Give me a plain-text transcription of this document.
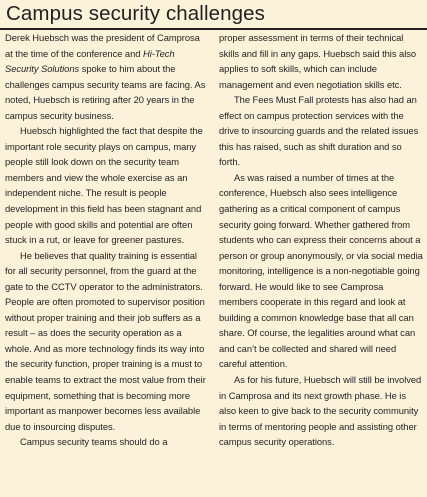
Campus security challenges

Derek Huebsch was the president of Camprosa at the time of the conference and Hi-Tech Security Solutions spoke to him about the challenges campus security teams are facing. As noted, Huebsch is retiring after 20 years in the campus security business.

Huebsch highlighted the fact that despite the important role security plays on campus, many people still look down on the security team members and view the whole exercise as an independent niche. The result is people development in this field has been stagnant and people with good skills and potential are often stuck in a rut, or leave for greener pastures.

He believes that quality training is essential for all security personnel, from the guard at the gate to the CCTV operator to the administrators. People are often promoted to supervisor position without proper training and their job suffers as a result – as does the security operation as a whole. And as more technology finds its way into the security function, proper training is a must to enable teams to extract the most value from their equipment, something that is becoming more important as manpower becomes less available due to insourcing disputes.

Campus security teams should do a

proper assessment in terms of their technical skills and fill in any gaps. Huebsch said this also applies to soft skills, which can include management and even negotiation skills etc.

The Fees Must Fall protests has also had an effect on campus protection services with the drive to insourcing guards and the related issues this has raised, such as shift duration and so forth.

As was raised a number of times at the conference, Huebsch also sees intelligence gathering as a critical component of campus security going forward. Whether gathered from students who can express their concerns about a person or group anonymously, or via social media monitoring, intelligence is a non-negotiable going forward. He would like to see Camprosa members cooperate in this regard and look at building a common knowledge base that all can share. Of course, the legalities around what can and can’t be collected and shared will need careful attention.

As for his future, Huebsch will still be involved in Camprosa and its next growth phase. He is also keen to give back to the security community in terms of mentoring people and assisting other campus security operations.
